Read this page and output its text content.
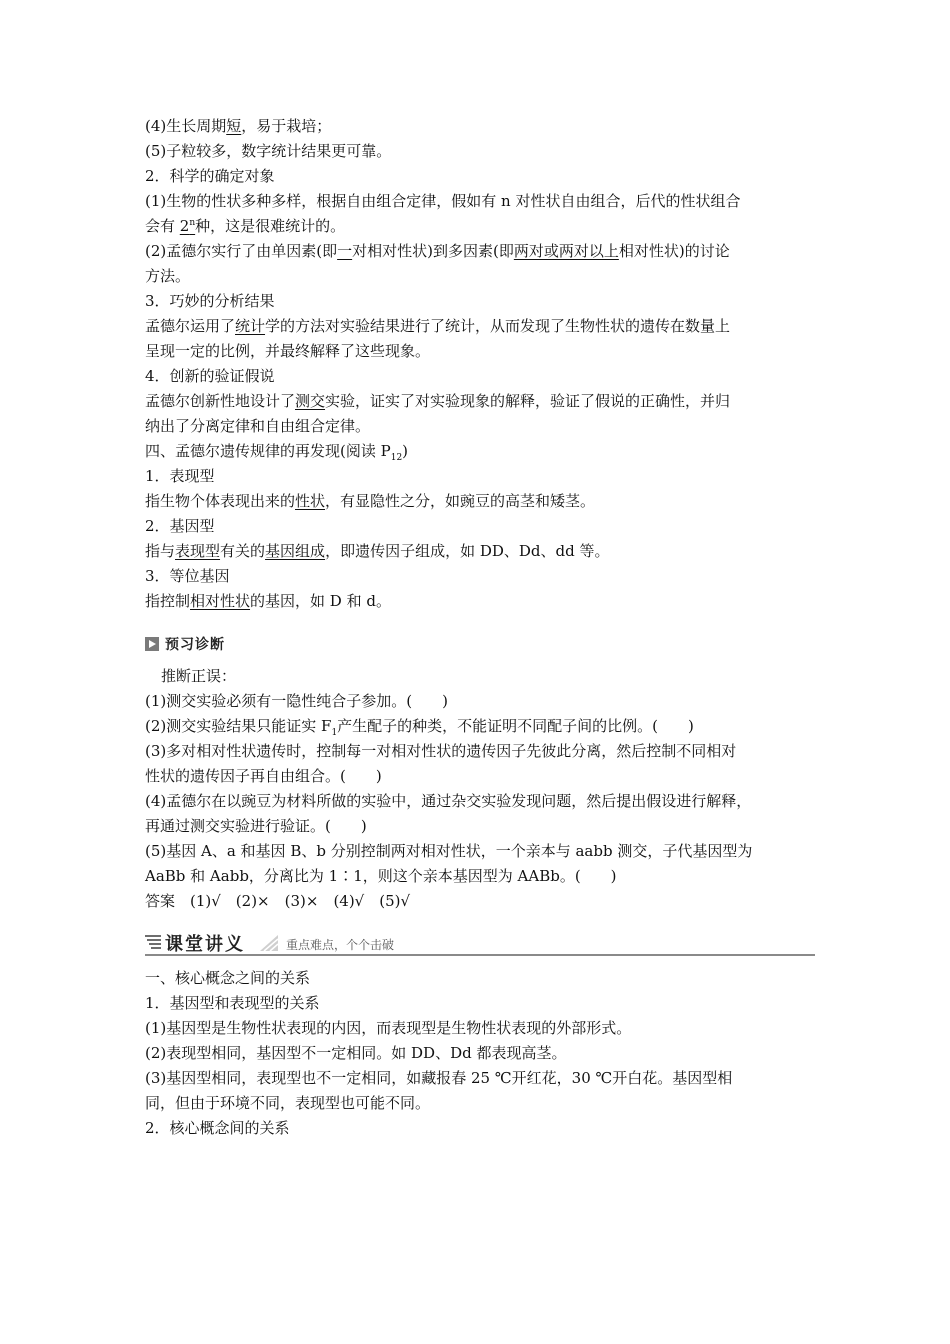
(4)生长周期短，易于栽培；
(5)子粒较多，数字统计结果更可靠。
2．科学的确定对象
(1)生物的性状多种多样，根据自由组合定律，假如有 n 对性状自由组合，后代的性状组合
会有 2$^n$种，这是很难统计的。
(2)孟德尔实行了由单因素(即一对相对性状)到多因素(即两对或两对以上相对性状)的讨论
方法。
3．巧妙的分析结果
孟德尔运用了统计学的方法对实验结果进行了统计，从而发现了生物性状的遗传在数量上
呈现一定的比例，并最终解释了这些现象。
4．创新的验证假说
孟德尔创新性地设计了测交实验，证实了对实验现象的解释，验证了假说的正确性，并归
纳出了分离定律和自由组合定律。
四、孟德尔遗传规律的再发现(阅读 $P_{12}$)
1．表现型
指生物个体表现出来的性状，有显隐性之分，如豌豆的高茎和矮茎。
2．基因型
指与表现型有关的基因组成，即遗传因子组成，如 DD、Dd、dd 等。
3．等位基因
指控制相对性状的基因，如 D 和 d。
预习诊断
推断正误：
(1)测交实验必须有一隐性纯合子参加。(　　)
(2)测交实验结果只能证实 $F_1$产生配子的种类，不能证明不同配子间的比例。(　　)
(3)多对相对性状遗传时，控制每一对相对性状的遗传因子先彼此分离，然后控制不同相对
性状的遗传因子再自由组合。(　　)
(4)孟德尔在以豌豆为材料所做的实验中，通过杂交实验发现问题，然后提出假设进行解释，
再通过测交实验进行验证。(　　)
(5)基因 A、a 和基因 B、b 分别控制两对相对性状，一个亲本与 aabb 测交，子代基因型为
AaBb 和 Aabb，分离比为 1∶1，则这个亲本基因型为 AABb。(　　)
答案　(1)√　(2)×　(3)×　(4)√　(5)√
课堂讲义	重点难点，个个击破
一、核心概念之间的关系
1．基因型和表现型的关系
(1)基因型是生物性状表现的内因，而表现型是生物性状表现的外部形式。
(2)表现型相同，基因型不一定相同。如 DD、Dd 都表现高茎。
(3)基因型相同，表现型也不一定相同，如藏报春 25 ℃开红花，30 ℃开白花。基因型相
同，但由于环境不同，表现型也可能不同。
2．核心概念间的关系
